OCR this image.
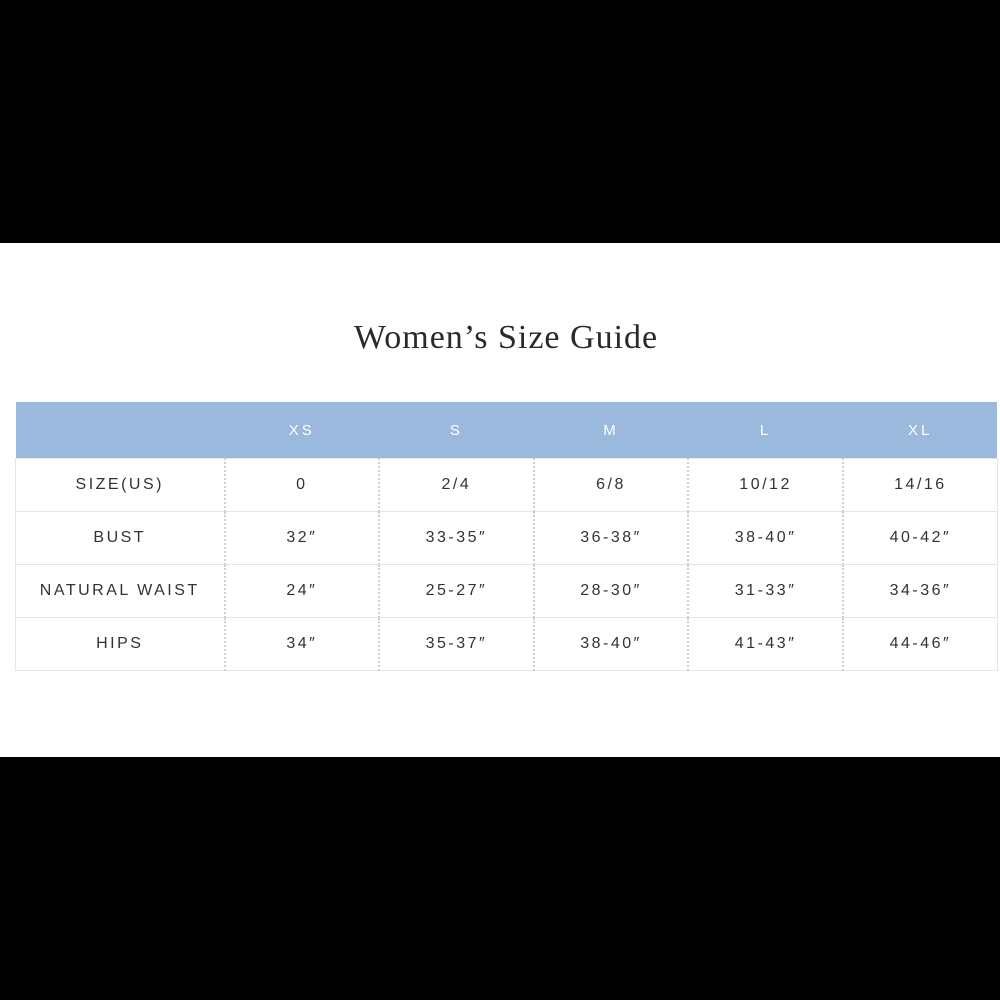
Women’s Size Guide
	XS	S	M	L	XL
SIZE(US)	0	2/4	6/8	10/12	14/16
BUST	32″	33-35″	36-38″	38-40″	40-42″
NATURAL WAIST	24″	25-27″	28-30″	31-33″	34-36″
HIPS	34″	35-37″	38-40″	41-43″	44-46″
